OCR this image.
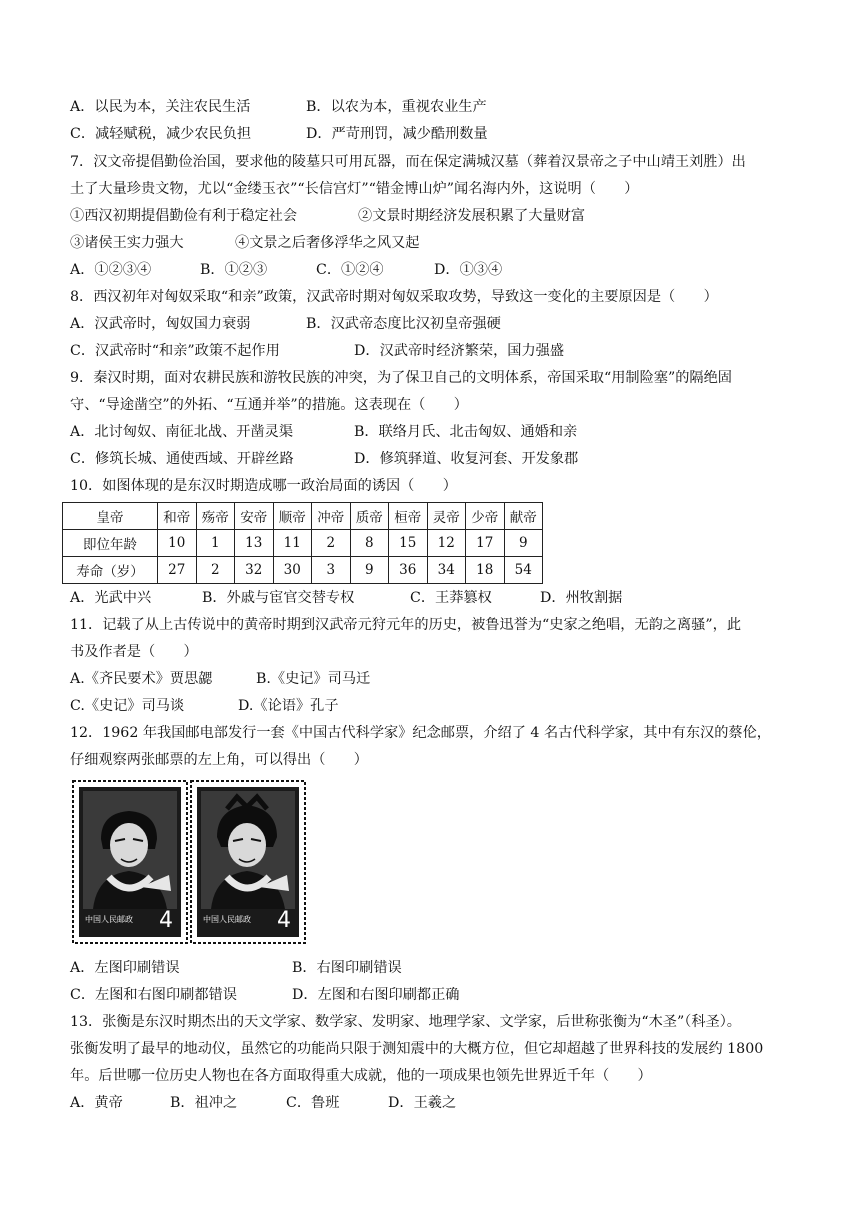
A．以民为本，关注农民生活	B．以农为本，重视农业生产
C．减轻赋税，减少农民负担	D．严苛刑罚，减少酷刑数量
7．汉文帝提倡勤俭治国，要求他的陵墓只可用瓦器，而在保定满城汉墓（葬着汉景帝之子中山靖王刘胜）出
土了大量珍贵文物，尤以“金缕玉衣”“长信宫灯”“错金博山炉”闻名海内外，这说明（　　）
①西汉初期提倡勤俭有利于稳定社会	②文景时期经济发展积累了大量财富
③诸侯王实力强大	④文景之后奢侈浮华之风又起
A．①②③④	B．①②③	C．①②④	D．①③④
8．西汉初年对匈奴采取“和亲”政策，汉武帝时期对匈奴采取攻势，导致这一变化的主要原因是（　　）
A．汉武帝时，匈奴国力衰弱	B．汉武帝态度比汉初皇帝强硬
C．汉武帝时“和亲”政策不起作用	D．汉武帝时经济繁荣，国力强盛
9．秦汉时期，面对农耕民族和游牧民族的冲突，为了保卫自己的文明体系，帝国采取“用制险塞”的隔绝固
守、“导途凿空”的外拓、“互通并举”的措施。这表现在（　　）
A．北讨匈奴、南征北战、开凿灵渠	B．联络月氏、北击匈奴、通婚和亲
C．修筑长城、通使西域、开辟丝路	D．修筑驿道、收复河套、开发象郡
10．如图体现的是东汉时期造成哪一政治局面的诱因（　　）
皇帝	和帝	殇帝	安帝	顺帝	冲帝	质帝	桓帝	灵帝	少帝	献帝
即位年龄	10	1	13	11	2	8	15	12	17	9
寿命（岁）	27	2	32	30	3	9	36	34	18	54
A．光武中兴	B．外戚与宦官交替专权	C．王莽篡权	D．州牧割据
11．记载了从上古传说中的黄帝时期到汉武帝元狩元年的历史，被鲁迅誉为“史家之绝唱，无韵之离骚”，此
书及作者是（　　）
A.《齐民要术》贾思勰	B.《史记》司马迁
C.《史记》司马谈	D.《论语》孔子
12．1962 年我国邮电部发行一套《中国古代科学家》纪念邮票，介绍了 4 名古代科学家，其中有东汉的蔡伦，
仔细观察两张邮票的左上角，可以得出（　　）
中国人民邮政 4	中国人民邮政 4
A．左图印刷错误	B．右图印刷错误
C．左图和右图印刷都错误	D．左图和右图印刷都正确
13．张衡是东汉时期杰出的天文学家、数学家、发明家、地理学家、文学家，后世称张衡为“木圣”（科圣）。
张衡发明了最早的地动仪，虽然它的功能尚只限于测知震中的大概方位，但它却超越了世界科技的发展约 1800
年。后世哪一位历史人物也在各方面取得重大成就，他的一项成果也领先世界近千年（　　）
A．黄帝	B．祖冲之	C．鲁班	D．王羲之
